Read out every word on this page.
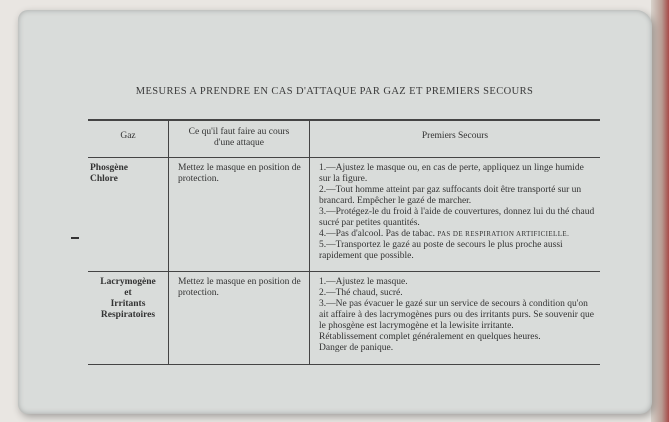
MESURES A PRENDRE EN CAS D'ATTAQUE PAR GAZ ET PREMIERS SECOURS
Gaz	Ce qu'il faut faire au cours d'une attaque
Premiers Secours
Phosgène
Chlore
Mettez le masque en position de protection.
1.—Ajustez le masque ou, en cas de perte, appliquez un linge humide sur la figure.
2.—Tout homme atteint par gaz suffocants doit être transporté sur un brancard. Empêcher le gazé de marcher.
3.—Protégez-le du froid à l'aide de couvertures, donnez lui du thé chaud sucré par petites quantités.
4.—Pas d'alcool. Pas de tabac. PAS DE RESPIRATION ARTIFICIELLE.
5.—Transportez le gazé au poste de secours le plus proche aussi rapidement que possible.
Lacrymogène
et
Irritants
Respiratoires
Mettez le masque en position de protection.
1.—Ajustez le masque.
2.—Thé chaud, sucré.
3.—Ne pas évacuer le gazé sur un service de secours à condition qu'on ait affaire à des lacrymogènes purs ou des irritants purs. Se souvenir que le phosgène est lacrymogène et la lewisite irritante.
Rétablissement complet généralement en quelques heures.
Danger de panique.
